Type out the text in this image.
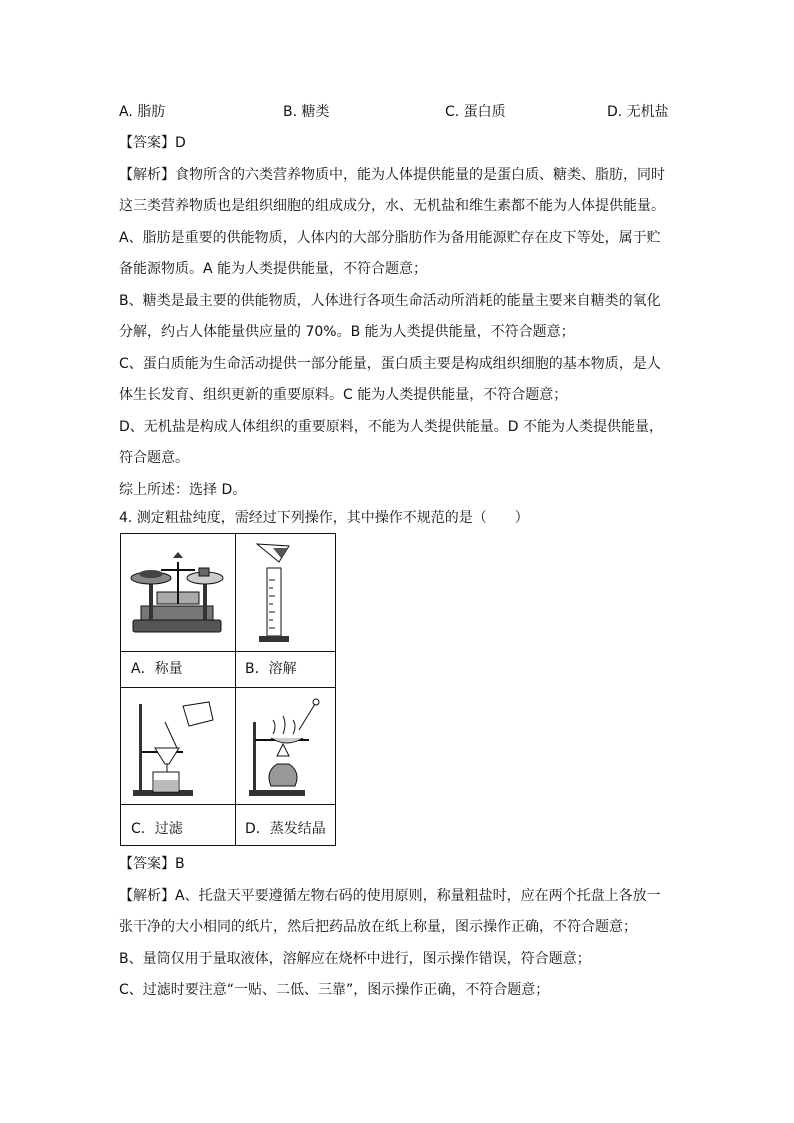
A. 脂肪	B. 糖类	C. 蛋白质	D. 无机盐
【答案】D
【解析】食物所含的六类营养物质中，能为人体提供能量的是蛋白质、糖类、脂肪，同时
这三类营养物质也是组织细胞的组成成分，水、无机盐和维生素都不能为人体提供能量。
A、脂肪是重要的供能物质，人体内的大部分脂肪作为备用能源贮存在皮下等处，属于贮
备能源物质。A 能为人类提供能量，不符合题意；
B、糖类是最主要的供能物质，人体进行各项生命活动所消耗的能量主要来自糖类的氧化
分解，约占人体能量供应量的 70%。B 能为人类提供能量，不符合题意；
C、蛋白质能为生命活动提供一部分能量，蛋白质主要是构成组织细胞的基本物质，是人
体生长发育、组织更新的重要原料。C 能为人类提供能量，不符合题意；
D、无机盐是构成人体组织的重要原料，不能为人类提供能量。D 不能为人类提供能量，
符合题意。
综上所述：选择 D。
4. 测定粗盐纯度，需经过下列操作，其中操作不规范的是（　　）
A．称量	B．溶解
C．过滤	D．蒸发结晶
【答案】B
【解析】A、托盘天平要遵循左物右码的使用原则，称量粗盐时，应在两个托盘上各放一
张干净的大小相同的纸片，然后把药品放在纸上称量，图示操作正确，不符合题意；
B、量筒仅用于量取液体，溶解应在烧杯中进行，图示操作错误，符合题意；
C、过滤时要注意“一贴、二低、三靠”，图示操作正确，不符合题意；
